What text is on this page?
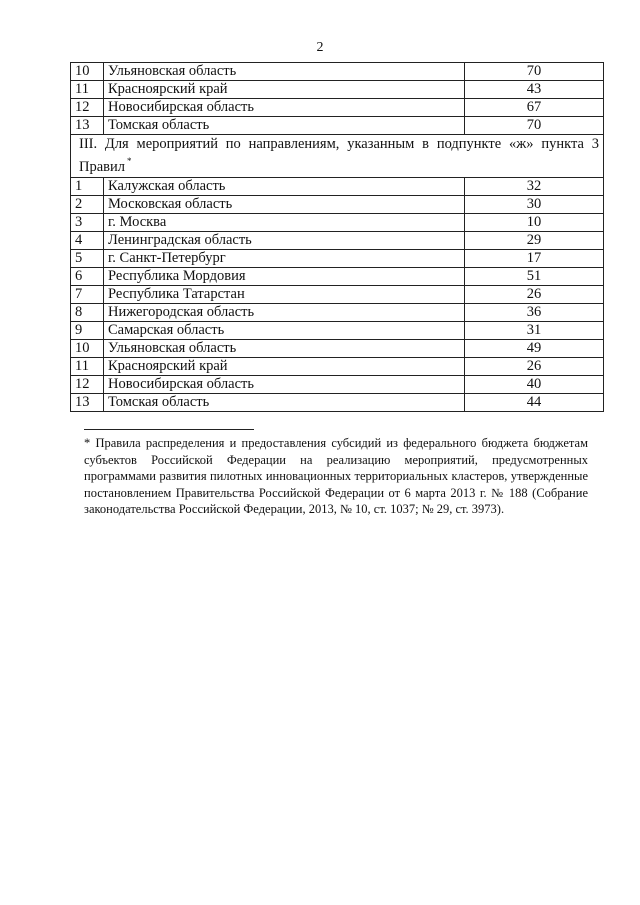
2
10	Ульяновская область	70
11	Красноярский край	43
12	Новосибирская область	67
13	Томская область	70
III. Для мероприятий по направлениям, указанным в подпункте «ж» пункта 3 Правил *
1	Калужская область	32
2	Московская область	30
3	г. Москва	10
4	Ленинградская область	29
5	г. Санкт-Петербург	17
6	Республика Мордовия	51
7	Республика Татарстан	26
8	Нижегородская область	36
9	Самарская область	31
10	Ульяновская область	49
11	Красноярский край	26
12	Новосибирская область	40
13	Томская область	44
* Правила распределения и предоставления субсидий из федерального бюджета бюджетам субъектов Российской Федерации на реализацию мероприятий, предусмотренных программами развития пилотных инновационных территориальных кластеров, утвержденные постановлением Правительства Российской Федерации от 6 марта 2013 г. № 188 (Собрание законодательства Российской Федерации, 2013, № 10, ст. 1037; № 29, ст. 3973).
